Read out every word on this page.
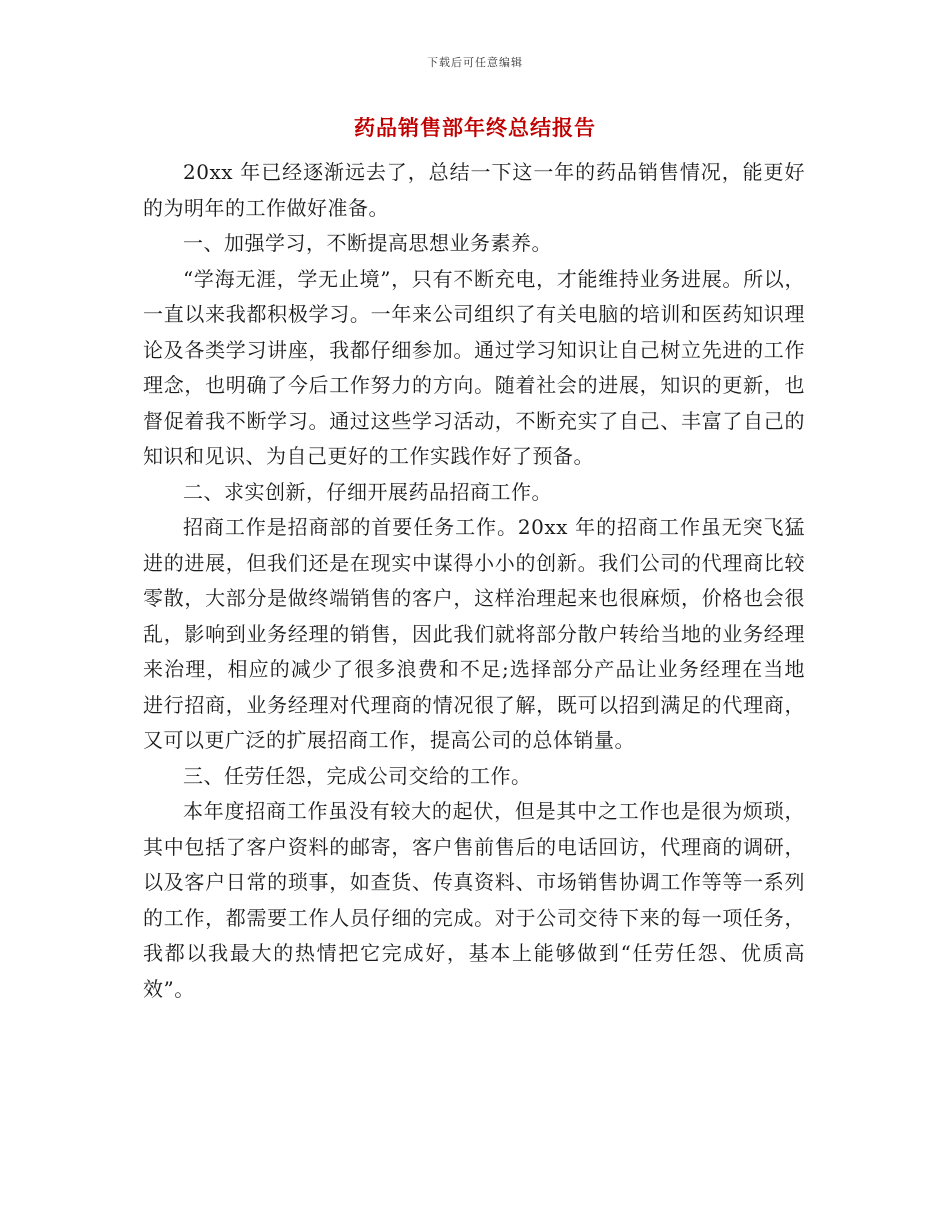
下载后可任意编辑
药品销售部年终总结报告

20xx 年已经逐渐远去了，总结一下这一年的药品销售情况，能更好的为明年的工作做好准备。

一、加强学习，不断提高思想业务素养。

“学海无涯，学无止境”，只有不断充电，才能维持业务进展。所以，一直以来我都积极学习。一年来公司组织了有关电脑的培训和医药知识理论及各类学习讲座，我都仔细参加。通过学习知识让自己树立先进的工作理念，也明确了今后工作努力的方向。随着社会的进展，知识的更新，也督促着我不断学习。通过这些学习活动，不断充实了自己、丰富了自己的知识和见识、为自己更好的工作实践作好了预备。

二、求实创新，仔细开展药品招商工作。

招商工作是招商部的首要任务工作。20xx 年的招商工作虽无突飞猛进的进展，但我们还是在现实中谋得小小的创新。我们公司的代理商比较零散，大部分是做终端销售的客户，这样治理起来也很麻烦，价格也会很乱，影响到业务经理的销售，因此我们就将部分散户转给当地的业务经理来治理，相应的减少了很多浪费和不足;选择部分产品让业务经理在当地进行招商，业务经理对代理商的情况很了解，既可以招到满足的代理商，又可以更广泛的扩展招商工作，提高公司的总体销量。

三、任劳任怨，完成公司交给的工作。

本年度招商工作虽没有较大的起伏，但是其中之工作也是很为烦琐，其中包括了客户资料的邮寄，客户售前售后的电话回访，代理商的调研，以及客户日常的琐事，如查货、传真资料、市场销售协调工作等等一系列的工作，都需要工作人员仔细的完成。对于公司交待下来的每一项任务，我都以我最大的热情把它完成好，基本上能够做到“任劳任怨、优质高效”。
